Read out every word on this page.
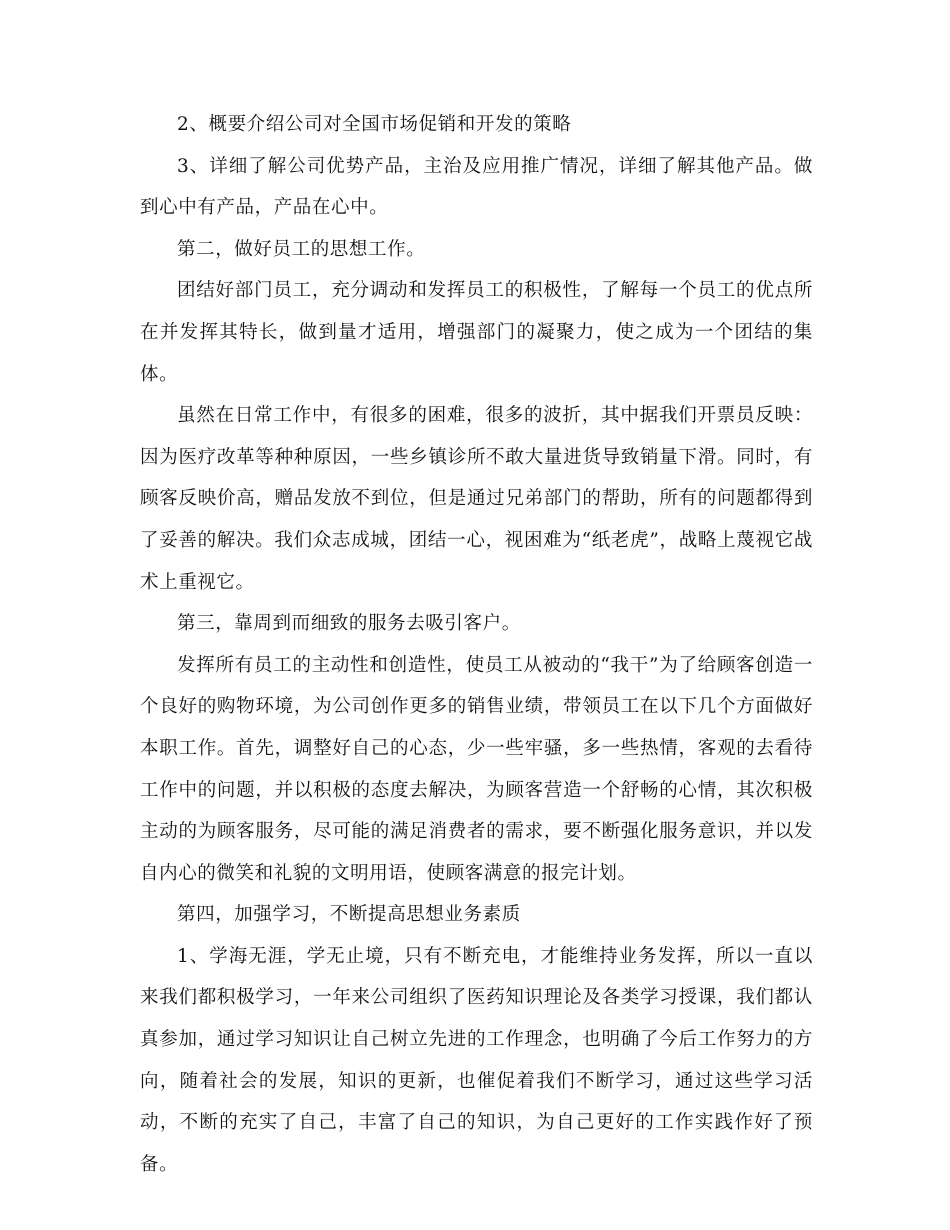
2、概要介绍公司对全国市场促销和开发的策略

3、详细了解公司优势产品，主治及应用推广情况，详细了解其他产品。做到心中有产品，产品在心中。

第二，做好员工的思想工作。

团结好部门员工，充分调动和发挥员工的积极性，了解每一个员工的优点所在并发挥其特长，做到量才适用，增强部门的凝聚力，使之成为一个团结的集体。

虽然在日常工作中，有很多的困难，很多的波折，其中据我们开票员反映：因为医疗改革等种种原因，一些乡镇诊所不敢大量进货导致销量下滑。同时，有顾客反映价高，赠品发放不到位，但是通过兄弟部门的帮助，所有的问题都得到了妥善的解决。我们众志成城，团结一心，视困难为“纸老虎”，战略上蔑视它战术上重视它。

第三，靠周到而细致的服务去吸引客户。

发挥所有员工的主动性和创造性，使员工从被动的“我干”为了给顾客创造一个良好的购物环境，为公司创作更多的销售业绩，带领员工在以下几个方面做好本职工作。首先，调整好自己的心态，少一些牢骚，多一些热情，客观的去看待工作中的问题，并以积极的态度去解决，为顾客营造一个舒畅的心情，其次积极主动的为顾客服务，尽可能的满足消费者的需求，要不断强化服务意识，并以发自内心的微笑和礼貌的文明用语，使顾客满意的报完计划。

第四，加强学习，不断提高思想业务素质

1、学海无涯，学无止境，只有不断充电，才能维持业务发挥，所以一直以来我们都积极学习，一年来公司组织了医药知识理论及各类学习授课，我们都认真参加，通过学习知识让自己树立先进的工作理念，也明确了今后工作努力的方向，随着社会的发展，知识的更新，也催促着我们不断学习，通过这些学习活动，不断的充实了自己，丰富了自己的知识，为自己更好的工作实践作好了预备。
